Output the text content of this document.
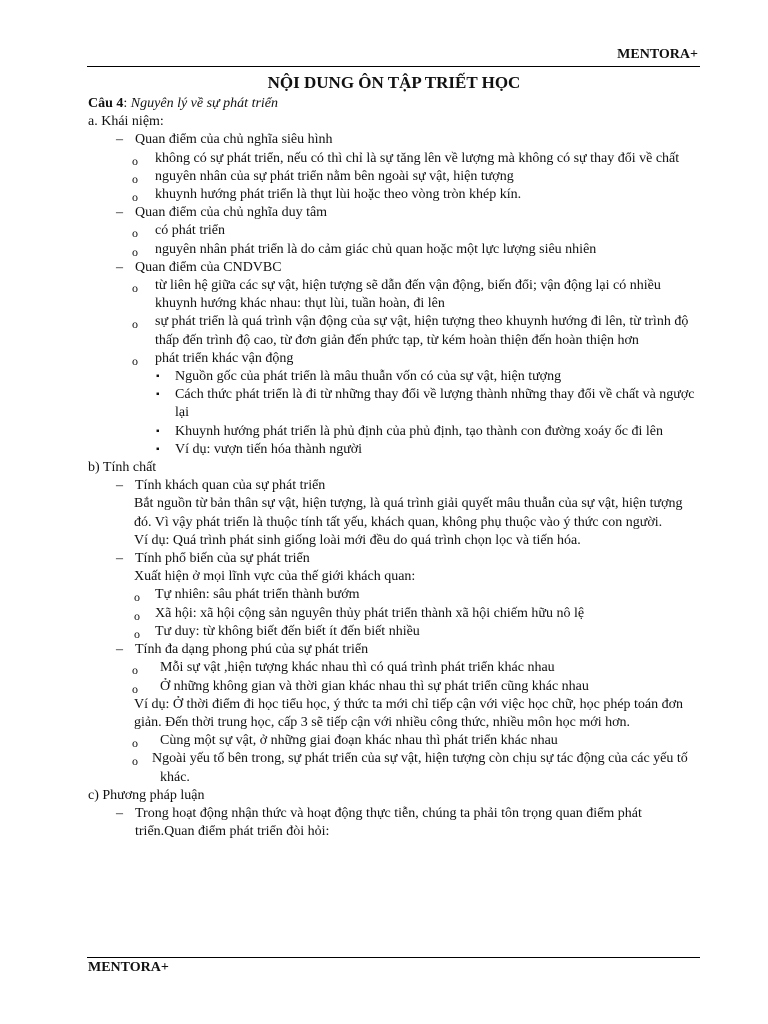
MENTORA+
NỘI DUNG ÔN TẬP TRIẾT HỌC
Câu 4: Nguyên lý về sự phát triển
a. Khái niệm:
– Quan điểm của chủ nghĩa siêu hình
o không có sự phát triển, nếu có thì chỉ là sự tăng lên về lượng mà không có sự thay đổi về chất
o nguyên nhân của sự phát triển nằm bên ngoài sự vật, hiện tượng
o khuynh hướng phát triển là thụt lùi hoặc theo vòng tròn khép kín.
– Quan điểm của chủ nghĩa duy tâm
o có phát triển
o nguyên nhân phát triển là do cảm giác chủ quan hoặc một lực lượng siêu nhiên
– Quan điểm của CNDVBC
o từ liên hệ giữa các sự vật, hiện tượng sẽ dẫn đến vận động, biến đổi; vận động lại có nhiều khuynh hướng khác nhau: thụt lùi, tuần hoàn, đi lên
o sự phát triển là quá trình vận động của sự vật, hiện tượng theo khuynh hướng đi lên, từ trình độ thấp đến trình độ cao, từ đơn giản đến phức tạp, từ kém hoàn thiện đến hoàn thiện hơn
o phát triển khác vận động
▪ Nguồn gốc của phát triển là mâu thuẫn vốn có của sự vật, hiện tượng
▪ Cách thức phát triển là đi từ những thay đổi về lượng thành những thay đổi về chất và ngược lại
▪ Khuynh hướng phát triển là phủ định của phủ định, tạo thành con đường xoáy ốc đi lên
▪ Ví dụ: vượn tiến hóa thành người
b) Tính chất
– Tính khách quan của sự phát triển
Bắt nguồn từ bản thân sự vật, hiện tượng, là quá trình giải quyết mâu thuẫn của sự vật, hiện tượng đó. Vì vậy phát triển là thuộc tính tất yếu, khách quan, không phụ thuộc vào ý thức con người.
Ví dụ: Quá trình phát sinh giống loài mới đều do quá trình chọn lọc và tiến hóa.
– Tính phổ biến của sự phát triển
Xuất hiện ở mọi lĩnh vực của thế giới khách quan:
o Tự nhiên: sâu phát triển thành bướm
o Xã hội: xã hội cộng sản nguyên thủy phát triển thành xã hội chiếm hữu nô lệ
o Tư duy: từ không biết đến biết ít đến biết nhiều
– Tính đa dạng phong phú của sự phát triển
o Mỗi sự vật ,hiện tượng khác nhau thì có quá trình phát triển khác nhau
o Ở những không gian và thời gian khác nhau thì sự phát triển cũng khác nhau
Ví dụ: Ở thời điểm đi học tiểu học, ý thức ta mới chỉ tiếp cận với việc học chữ, học phép toán đơn giản. Đến thời trung học, cấp 3 sẽ tiếp cận với nhiều công thức, nhiều môn học mới hơn.
o Cùng một sự vật, ở những giai đoạn khác nhau thì phát triển khác nhau
o Ngoài yếu tố bên trong, sự phát triển của sự vật, hiện tượng còn chịu sự tác động của các yếu tố khác.
c) Phương pháp luận
– Trong hoạt động nhận thức và hoạt động thực tiễn, chúng ta phải tôn trọng quan điểm phát triển.Quan điểm phát triển đòi hỏi:
MENTORA+
